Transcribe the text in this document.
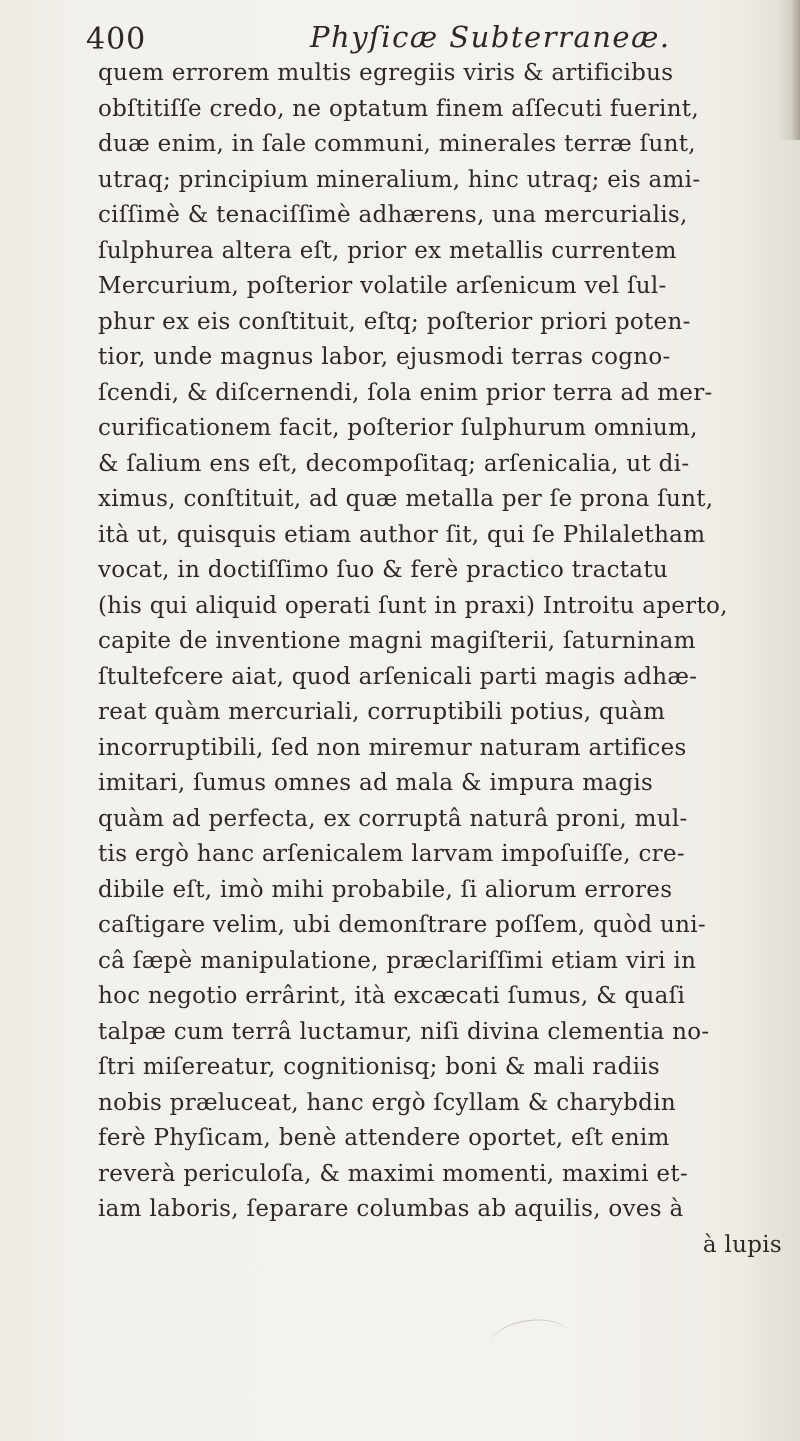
400	Phyſicæ Subterraneæ.
quem errorem multis egregiis viris & artificibus
obſtitiſſe credo, ne optatum finem aſſecuti fuerint,
duæ enim, in ſale communi, minerales terræ ſunt,
utraq; principium mineralium, hinc utraq; eis ami-
ciſſimè & tenaciſſimè adhærens, una mercurialis,
ſulphurea altera eſt, prior ex metallis currentem
Mercurium, poſterior volatile arſenicum vel ſul-
phur ex eis conſtituit, eſtq; poſterior priori poten-
tior, unde magnus labor, ejusmodi terras cogno-
ſcendi, & diſcernendi, ſola enim prior terra ad mer-
curificationem facit, poſterior ſulphurum omnium,
& ſalium ens eſt, decompoſitaq; arſenicalia, ut di-
ximus, conſtituit, ad quæ metalla per ſe prona ſunt,
ità ut, quisquis etiam author ſit, qui ſe Philaletham
vocat, in doctiſſimo ſuo & ferè practico tractatu
(his qui aliquid operati ſunt in praxi) Introitu aperto,
capite de inventione magni magiſterii, ſaturninam
ſtultefcere aiat, quod arſenicali parti magis adhæ-
reat quàm mercuriali, corruptibili potius, quàm
incorruptibili, ſed non miremur naturam artifices
imitari, ſumus omnes ad mala & impura magis
quàm ad perfecta, ex corruptâ naturâ proni, mul-
tis ergò hanc arſenicalem larvam impoſuiſſe, cre-
dibile eſt, imò mihi probabile, ſi aliorum errores
caſtigare velim, ubi demonſtrare poſſem, quòd uni-
câ ſæpè manipulatione, præclariſſimi etiam viri in
hoc negotio errârint, ità excæcati ſumus, & quaſi
talpæ cum terrâ luctamur, niſi divina clementia no-
ſtri miſereatur, cognitionisq; boni & mali radiis
nobis præluceat, hanc ergò ſcyllam & charybdin
ferè Phyſicam, benè attendere oportet, eſt enim
reverà periculoſa, & maximi momenti, maximi et-
iam laboris, ſeparare columbas ab aquilis, oves à
à lupis
